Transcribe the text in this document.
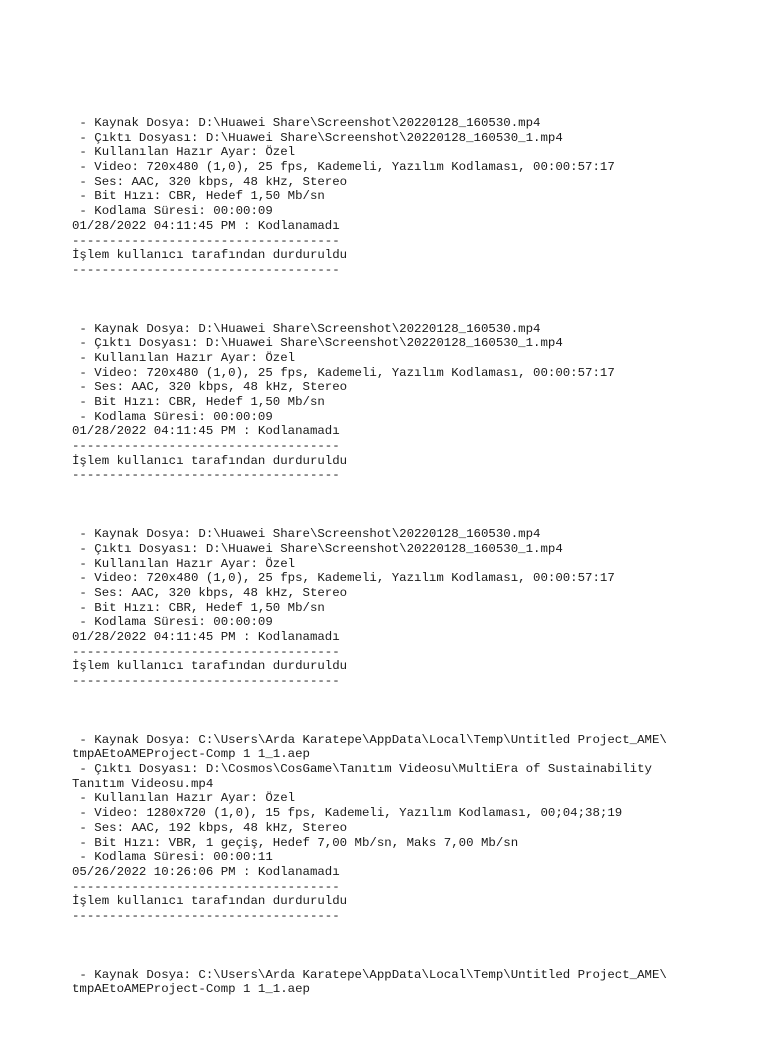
- Kaynak Dosya: D:\Huawei Share\Screenshot\20220128_160530.mp4
- Çıktı Dosyası: D:\Huawei Share\Screenshot\20220128_160530_1.mp4
- Kullanılan Hazır Ayar: Özel
- Video: 720x480 (1,0), 25 fps, Kademeli, Yazılım Kodlaması, 00:00:57:17
- Ses: AAC, 320 kbps, 48 kHz, Stereo
- Bit Hızı: CBR, Hedef 1,50 Mb/sn
- Kodlama Süresi: 00:00:09
01/28/2022 04:11:45 PM : Kodlanamadı
------------------------------------
İşlem kullanıcı tarafından durduruldu
------------------------------------
- Kaynak Dosya: D:\Huawei Share\Screenshot\20220128_160530.mp4
- Çıktı Dosyası: D:\Huawei Share\Screenshot\20220128_160530_1.mp4
- Kullanılan Hazır Ayar: Özel
- Video: 720x480 (1,0), 25 fps, Kademeli, Yazılım Kodlaması, 00:00:57:17
- Ses: AAC, 320 kbps, 48 kHz, Stereo
- Bit Hızı: CBR, Hedef 1,50 Mb/sn
- Kodlama Süresi: 00:00:09
01/28/2022 04:11:45 PM : Kodlanamadı
------------------------------------
İşlem kullanıcı tarafından durduruldu
------------------------------------
- Kaynak Dosya: D:\Huawei Share\Screenshot\20220128_160530.mp4
- Çıktı Dosyası: D:\Huawei Share\Screenshot\20220128_160530_1.mp4
- Kullanılan Hazır Ayar: Özel
- Video: 720x480 (1,0), 25 fps, Kademeli, Yazılım Kodlaması, 00:00:57:17
- Ses: AAC, 320 kbps, 48 kHz, Stereo
- Bit Hızı: CBR, Hedef 1,50 Mb/sn
- Kodlama Süresi: 00:00:09
01/28/2022 04:11:45 PM : Kodlanamadı
------------------------------------
İşlem kullanıcı tarafından durduruldu
------------------------------------
- Kaynak Dosya: C:\Users\Arda Karatepe\AppData\Local\Temp\Untitled Project_AME\
tmpAEtoAMEProject-Comp 1 1_1.aep
- Çıktı Dosyası: D:\Cosmos\CosGame\Tanıtım Videosu\MultiEra of Sustainability
Tanıtım Videosu.mp4
- Kullanılan Hazır Ayar: Özel
- Video: 1280x720 (1,0), 15 fps, Kademeli, Yazılım Kodlaması, 00;04;38;19
- Ses: AAC, 192 kbps, 48 kHz, Stereo
- Bit Hızı: VBR, 1 geçiş, Hedef 7,00 Mb/sn, Maks 7,00 Mb/sn
- Kodlama Süresi: 00:00:11
05/26/2022 10:26:06 PM : Kodlanamadı
------------------------------------
İşlem kullanıcı tarafından durduruldu
------------------------------------
- Kaynak Dosya: C:\Users\Arda Karatepe\AppData\Local\Temp\Untitled Project_AME\
tmpAEtoAMEProject-Comp 1 1_1.aep
